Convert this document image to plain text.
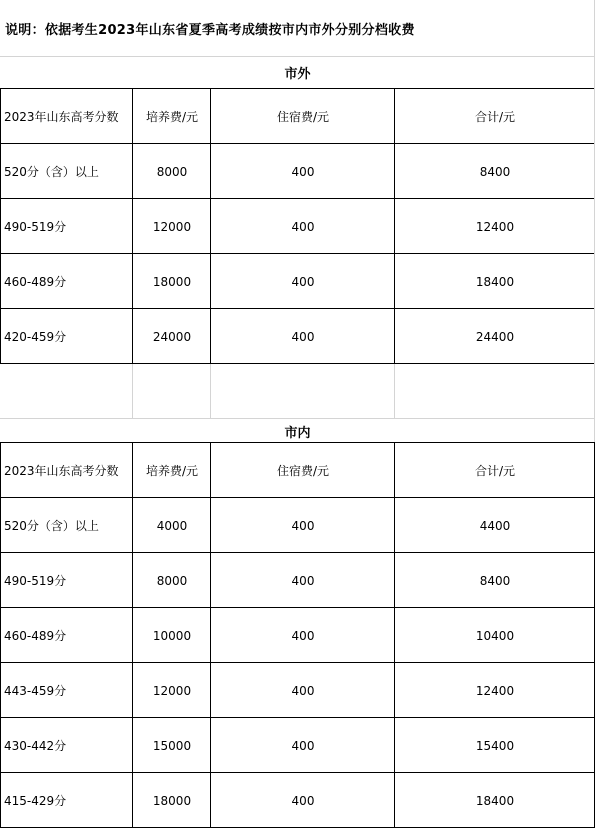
说明：依据考生2023年山东省夏季高考成绩按市内市外分别分档收费
市外
2023年山东高考分数	培养费/元	住宿费/元	合计/元
520分（含）以上	8000	400	8400
490-519分	12000	400	12400
460-489分	18000	400	18400
420-459分	24000	400	24400
市内
2023年山东高考分数	培养费/元	住宿费/元	合计/元
520分（含）以上	4000	400	4400
490-519分	8000	400	8400
460-489分	10000	400	10400
443-459分	12000	400	12400
430-442分	15000	400	15400
415-429分	18000	400	18400
